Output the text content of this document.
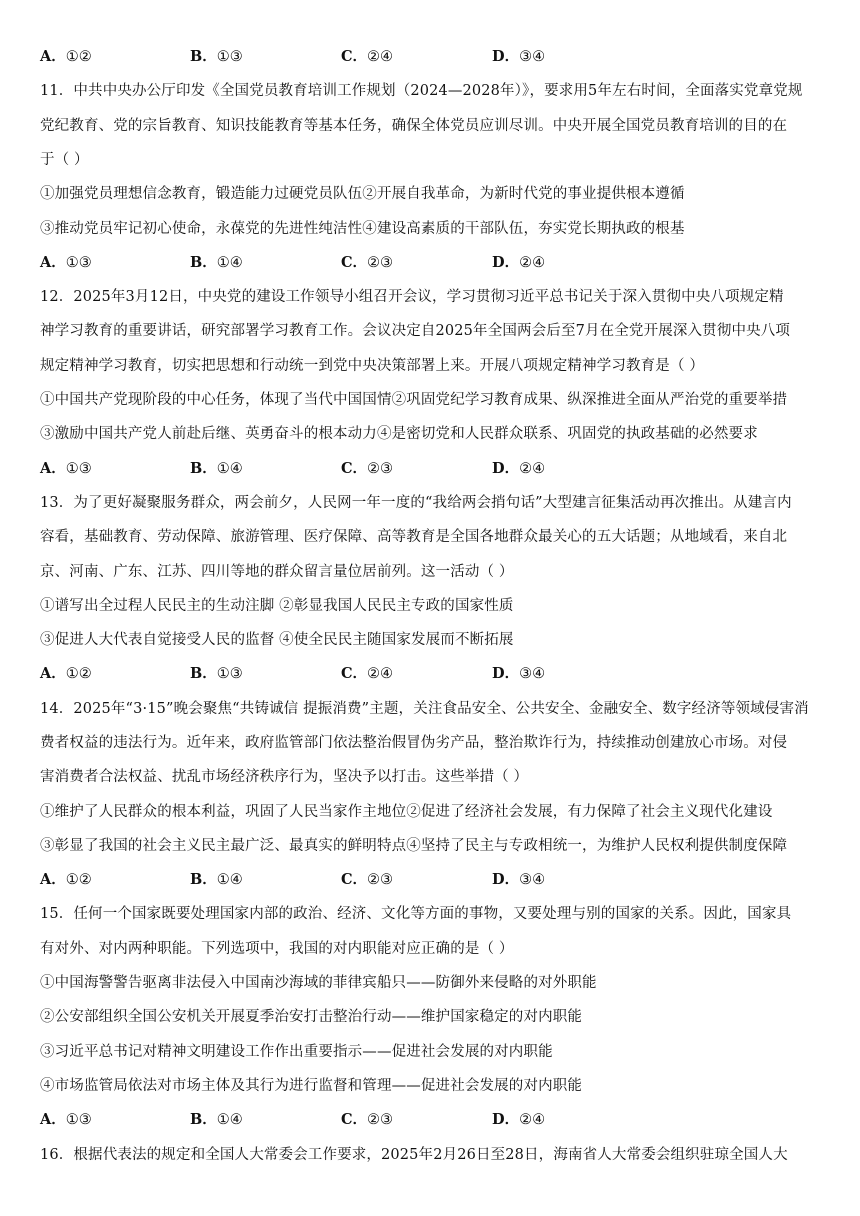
A．①②	B．①③	C．②④	D．③④
11．中共中央办公厅印发《全国党员教育培训工作规划（2024—2028年）》，要求用5年左右时间，全面落实党章党规
党纪教育、党的宗旨教育、知识技能教育等基本任务，确保全体党员应训尽训。中央开展全国党员教育培训的目的在
于（ ）
①加强党员理想信念教育，锻造能力过硬党员队伍②开展自我革命，为新时代党的事业提供根本遵循
③推动党员牢记初心使命，永葆党的先进性纯洁性④建设高素质的干部队伍，夯实党长期执政的根基
A．①③	B．①④	C．②③	D．②④
12．2025年3月12日，中央党的建设工作领导小组召开会议，学习贯彻习近平总书记关于深入贯彻中央八项规定精
神学习教育的重要讲话，研究部署学习教育工作。会议决定自2025年全国两会后至7月在全党开展深入贯彻中央八项
规定精神学习教育，切实把思想和行动统一到党中央决策部署上来。开展八项规定精神学习教育是（ ）
①中国共产党现阶段的中心任务，体现了当代中国国情②巩固党纪学习教育成果、纵深推进全面从严治党的重要举措
③激励中国共产党人前赴后继、英勇奋斗的根本动力④是密切党和人民群众联系、巩固党的执政基础的必然要求
A．①③	B．①④	C．②③	D．②④
13．为了更好凝聚服务群众，两会前夕，人民网一年一度的“我给两会捎句话”大型建言征集活动再次推出。从建言内
容看，基础教育、劳动保障、旅游管理、医疗保障、高等教育是全国各地群众最关心的五大话题；从地域看，来自北
京、河南、广东、江苏、四川等地的群众留言量位居前列。这一活动（ ）
①谱写出全过程人民民主的生动注脚 ②彰显我国人民民主专政的国家性质
③促进人大代表自觉接受人民的监督 ④使全民民主随国家发展而不断拓展
A．①②	B．①③	C．②④	D．③④
14．2025年“3·15”晚会聚焦“共铸诚信 提振消费”主题，关注食品安全、公共安全、金融安全、数字经济等领域侵害消
费者权益的违法行为。近年来，政府监管部门依法整治假冒伪劣产品，整治欺诈行为，持续推动创建放心市场。对侵
害消费者合法权益、扰乱市场经济秩序行为，坚决予以打击。这些举措（ ）
①维护了人民群众的根本利益，巩固了人民当家作主地位②促进了经济社会发展，有力保障了社会主义现代化建设
③彰显了我国的社会主义民主最广泛、最真实的鲜明特点④坚持了民主与专政相统一，为维护人民权利提供制度保障
A．①②	B．①④	C．②③	D．③④
15．任何一个国家既要处理国家内部的政治、经济、文化等方面的事物，又要处理与别的国家的关系。因此，国家具
有对外、对内两种职能。下列选项中，我国的对内职能对应正确的是（ ）
①中国海警警告驱离非法侵入中国南沙海域的菲律宾船只——防御外来侵略的对外职能
②公安部组织全国公安机关开展夏季治安打击整治行动——维护国家稳定的对内职能
③习近平总书记对精神文明建设工作作出重要指示——促进社会发展的对内职能
④市场监管局依法对市场主体及其行为进行监督和管理——促进社会发展的对内职能
A．①③	B．①④	C．②③	D．②④
16．根据代表法的规定和全国人大常委会工作要求，2025年2月26日至28日，海南省人大常委会组织驻琼全国人大
